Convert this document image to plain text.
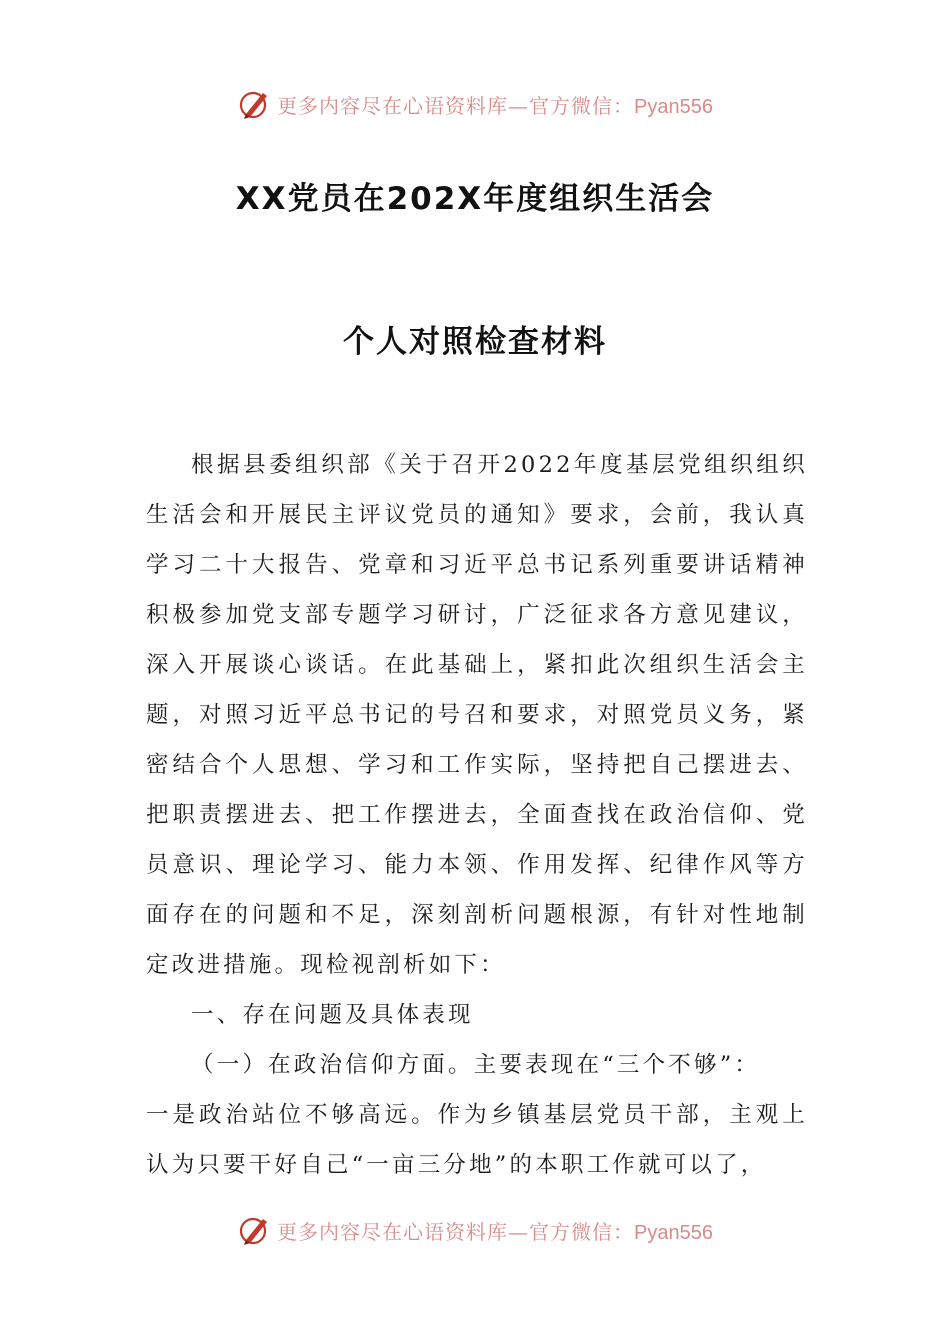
更多内容尽在心语资料库—官方微信：Pyan556
XX党员在202X年度组织生活会
个人对照检查材料

根据县委组织部《关于召开2022年度基层党组织组织生活会和开展民主评议党员的通知》要求，会前，我认真学习二十大报告、党章和习近平总书记系列重要讲话精神积极参加党支部专题学习研讨，广泛征求各方意见建议，深入开展谈心谈话。在此基础上，紧扣此次组织生活会主题，对照习近平总书记的号召和要求，对照党员义务，紧密结合个人思想、学习和工作实际，坚持把自己摆进去、把职责摆进去、把工作摆进去，全面查找在政治信仰、党员意识、理论学习、能力本领、作用发挥、纪律作风等方面存在的问题和不足，深刻剖析问题根源，有针对性地制定改进措施。现检视剖析如下：

一、存在问题及具体表现

（一）在政治信仰方面。主要表现在“三个不够”：

一是政治站位不够高远。作为乡镇基层党员干部，主观上认为只要干好自己“一亩三分地”的本职工作就可以了，

更多内容尽在心语资料库—官方微信：Pyan556
